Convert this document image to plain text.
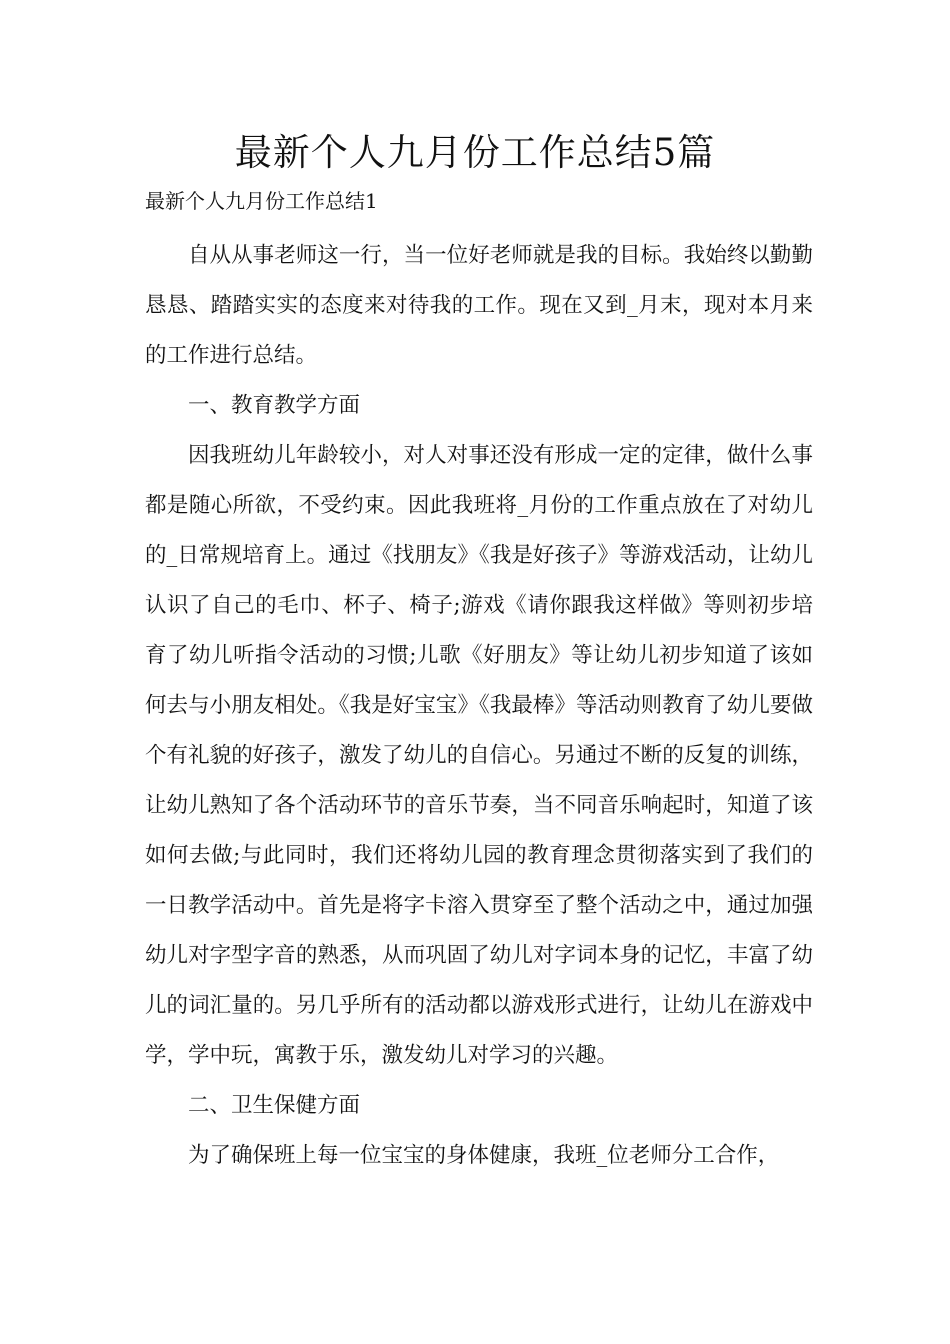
最新个人九月份工作总结5篇

最新个人九月份工作总结1

自从从事老师这一行，当一位好老师就是我的目标。我始终以勤勤恳恳、踏踏实实的态度来对待我的工作。现在又到_月末，现对本月来的工作进行总结。

一、教育教学方面

因我班幼儿年龄较小，对人对事还没有形成一定的定律，做什么事都是随心所欲，不受约束。因此我班将_月份的工作重点放在了对幼儿的_日常规培育上。通过《找朋友》《我是好孩子》等游戏活动，让幼儿认识了自己的毛巾、杯子、椅子;游戏《请你跟我这样做》等则初步培育了幼儿听指令活动的习惯;儿歌《好朋友》等让幼儿初步知道了该如何去与小朋友相处。《我是好宝宝》《我最棒》等活动则教育了幼儿要做个有礼貌的好孩子，激发了幼儿的自信心。另通过不断的反复的训练，让幼儿熟知了各个活动环节的音乐节奏，当不同音乐响起时，知道了该如何去做;与此同时，我们还将幼儿园的教育理念贯彻落实到了我们的一日教学活动中。首先是将字卡溶入贯穿至了整个活动之中，通过加强幼儿对字型字音的熟悉，从而巩固了幼儿对字词本身的记忆，丰富了幼儿的词汇量的。另几乎所有的活动都以游戏形式进行，让幼儿在游戏中学，学中玩，寓教于乐，激发幼儿对学习的兴趣。

二、卫生保健方面

为了确保班上每一位宝宝的身体健康，我班_位老师分工合作，
